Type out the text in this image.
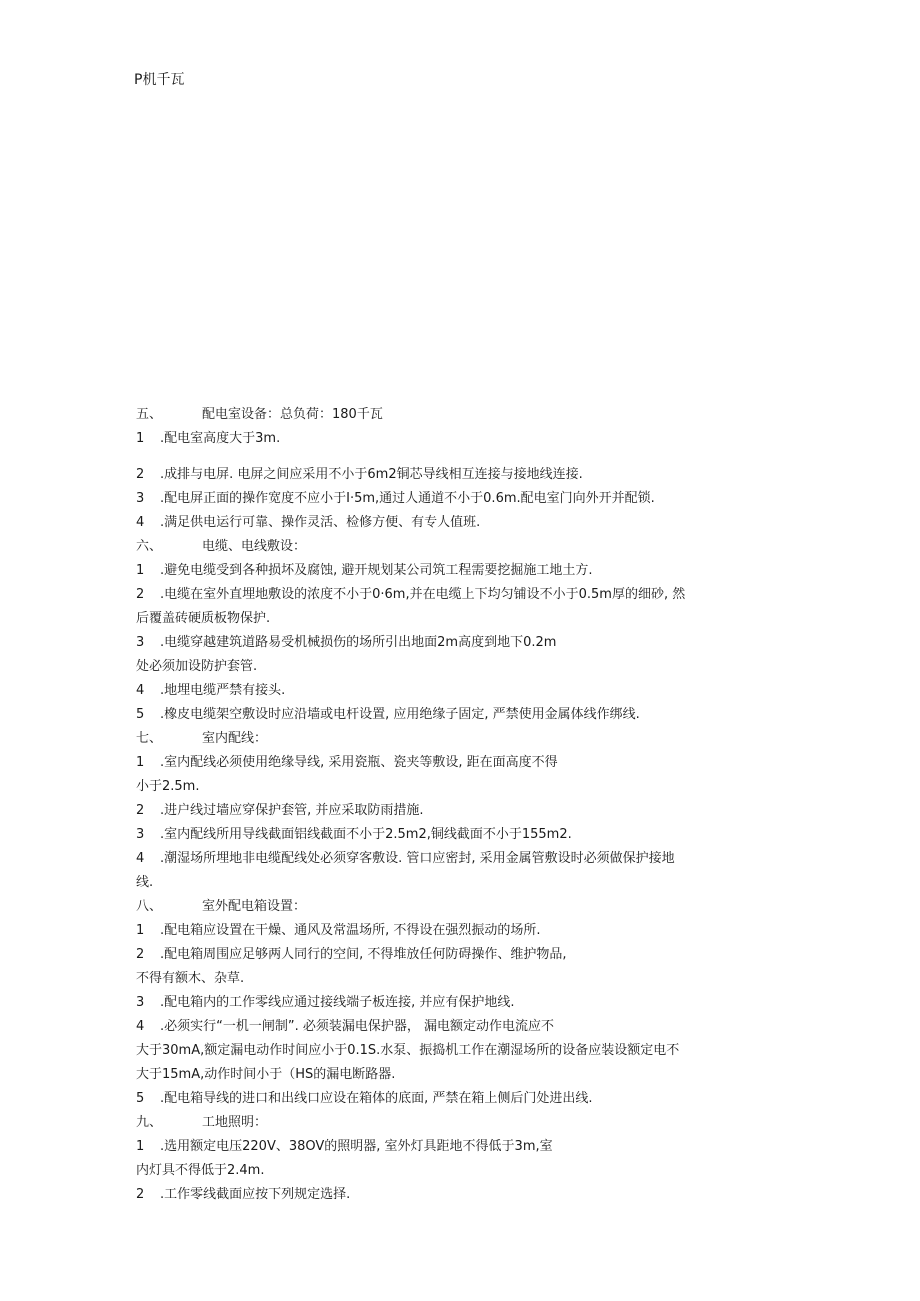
P机千瓦
五、	配电室设备：总负荷：180千瓦
1 .配电室高度大于3m.
2 .成排与电屏. 电屏之间应采用不小于6m2铜芯导线相互连接与接地线连接.
3 .配电屏正面的操作宽度不应小于I·5m,通过人通道不小于0.6m.配电室门向外开并配锁.
4 .满足供电运行可靠、操作灵活、检修方便、有专人值班.
六、	电缆、电线敷设：
1 .避免电缆受到各种损坏及腐蚀, 避开规划某公司筑工程需要挖掘施工地土方.
2 .电缆在室外直埋地敷设的浓度不小于0·6m,并在电缆上下均匀铺设不小于0.5m厚的细砂, 然
后覆盖砖硬质板物保护.
3 .电缆穿越建筑道路易受机械损伤的场所引出地面2m高度到地下0.2m
处必须加设防护套管.
4 .地埋电缆严禁有接头.
5 .橡皮电缆架空敷设时应沿墙或电杆设置, 应用绝缘子固定, 严禁使用金属体线作绑线.
七、	室内配线：
1 .室内配线必须使用绝缘导线, 采用瓷瓶、瓷夹等敷设, 距在面高度不得
小于2.5m.
2 .进户线过墙应穿保护套管, 并应采取防雨措施.
3 .室内配线所用导线截面铝线截面不小于2.5m2,铜线截面不小于155m2.
4 .潮湿场所埋地非电缆配线处必须穿客敷设. 管口应密封, 采用金属管敷设时必须做保护接地
线.
八、	室外配电箱设置：
1 .配电箱应设置在干燥、通风及常温场所, 不得设在强烈振动的场所.
2 .配电箱周围应足够两人同行的空间, 不得堆放任何防碍操作、维护物品,
不得有额木、杂草.
3 .配电箱内的工作零线应通过接线端子板连接, 并应有保护地线.
4 .必须实行“一机一闸制”. 必须装漏电保护器， 漏电额定动作电流应不
大于30mA,额定漏电动作时间应小于0.1S.水泵、振捣机工作在潮湿场所的设备应装设额定电不
大于15mA,动作时间小于（HS的漏电断路器.
5 .配电箱导线的进口和出线口应设在箱体的底面, 严禁在箱上侧后门处进出线.
九、	工地照明：
1 .选用额定电压220V、38OV的照明器, 室外灯具距地不得低于3m,室
内灯具不得低于2.4m.
2 .工作零线截面应按下列规定选择.
